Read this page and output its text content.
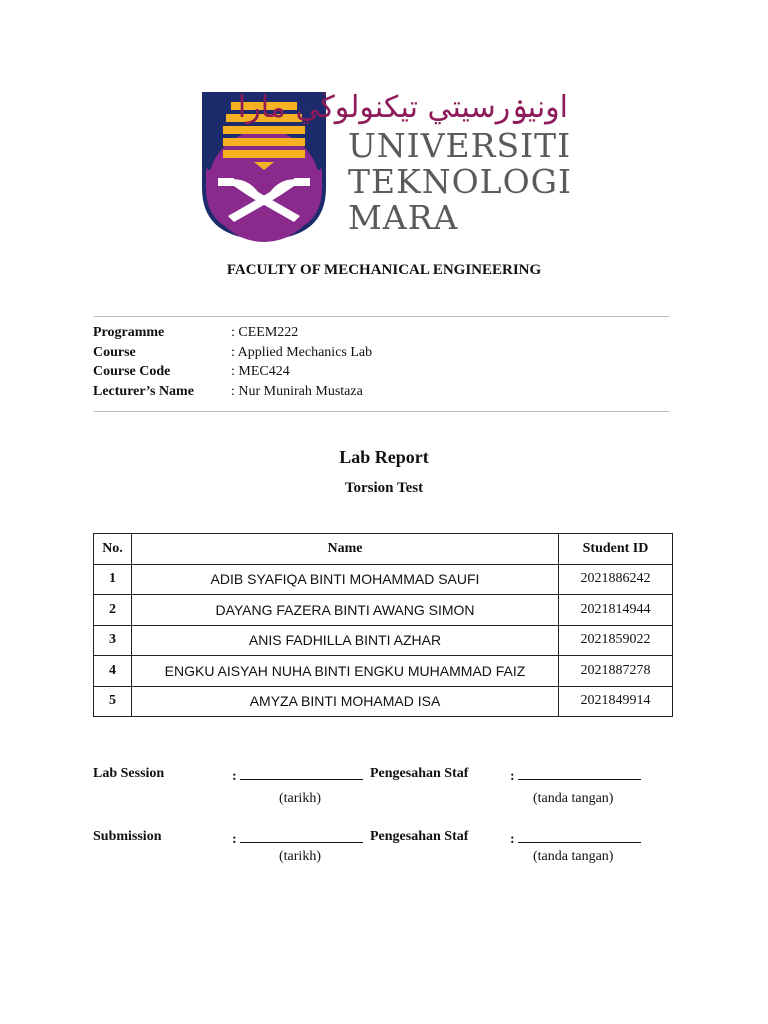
اونيۏرسيتي تيكنولوڬي مارا
UNIVERSITI
TEKNOLOGI
MARA
FACULTY OF MECHANICAL ENGINEERING
Programme	: CEEM222
Course	: Applied Mechanics Lab
Course Code	: MEC424
Lecturer’s Name	: Nur Munirah Mustaza
Lab Report
Torsion Test
No.	Name	Student ID
1	ADIB SYAFIQA BINTI MOHAMMAD SAUFI	2021886242
2	DAYANG FAZERA BINTI AWANG SIMON	2021814944
3	ANIS FADHILLA BINTI AZHAR	2021859022
4	ENGKU AISYAH NUHA BINTI ENGKU MUHAMMAD FAIZ	2021887278
5	AMYZA BINTI MOHAMAD ISA	2021849914
Lab Session	:	Pengesahan Staf	:
(tarikh)	(tanda tangan)
Submission	:	Pengesahan Staf	:
(tarikh)	(tanda tangan)
